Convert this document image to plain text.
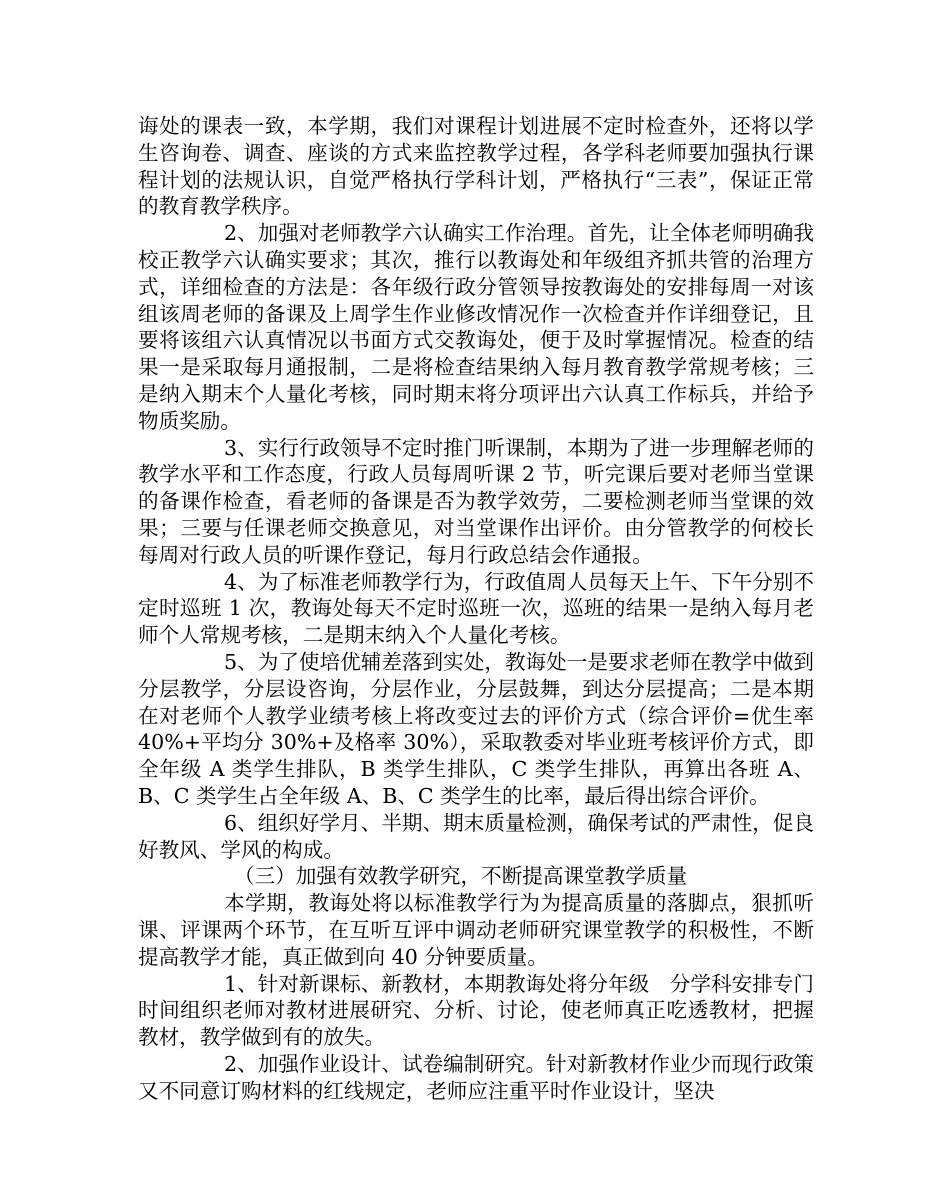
诲处的课表一致，本学期，我们对课程计划进展不定时检查外，还将以学生咨询卷、调查、座谈的方式来监控教学过程，各学科老师要加强执行课程计划的法规认识，自觉严格执行学科计划，严格执行“三表”，保证正常的教育教学秩序。

2、加强对老师教学六认确实工作治理。首先，让全体老师明确我校正教学六认确实要求；其次，推行以教诲处和年级组齐抓共管的治理方式，详细检查的方法是：各年级行政分管领导按教诲处的安排每周一对该组该周老师的备课及上周学生作业修改情况作一次检查并作详细登记，且要将该组六认真情况以书面方式交教诲处，便于及时掌握情况。检查的结果一是采取每月通报制，二是将检查结果纳入每月教育教学常规考核；三是纳入期末个人量化考核，同时期末将分项评出六认真工作标兵，并给予物质奖励。

3、实行行政领导不定时推门听课制，本期为了进一步理解老师的教学水平和工作态度，行政人员每周听课 2 节，听完课后要对老师当堂课的备课作检查，看老师的备课是否为教学效劳，二要检测老师当堂课的效果；三要与任课老师交换意见，对当堂课作出评价。由分管教学的何校长每周对行政人员的听课作登记，每月行政总结会作通报。

4、为了标准老师教学行为，行政值周人员每天上午、下午分别不定时巡班 1 次，教诲处每天不定时巡班一次，巡班的结果一是纳入每月老师个人常规考核，二是期末纳入个人量化考核。

5、为了使培优辅差落到实处，教诲处一是要求老师在教学中做到分层教学，分层设咨询，分层作业，分层鼓舞，到达分层提高；二是本期在对老师个人教学业绩考核上将改变过去的评价方式（综合评价=优生率 40%+平均分 30%+及格率 30%），采取教委对毕业班考核评价方式，即全年级 A 类学生排队，B 类学生排队，C 类学生排队，再算出各班 A、B、C 类学生占全年级 A、B、C 类学生的比率，最后得出综合评价。

6、组织好学月、半期、期末质量检测，确保考试的严肃性，促良好教风、学风的构成。

（三）加强有效教学研究，不断提高课堂教学质量

本学期，教诲处将以标准教学行为为提高质量的落脚点，狠抓听课、评课两个环节，在互听互评中调动老师研究课堂教学的积极性，不断提高教学才能，真正做到向 40 分钟要质量。

1、针对新课标、新教材，本期教诲处将分年级　分学科安排专门时间组织老师对教材进展研究、分析、讨论，使老师真正吃透教材，把握教材，教学做到有的放失。

2、加强作业设计、试卷编制研究。针对新教材作业少而现行政策又不同意订购材料的红线规定，老师应注重平时作业设计，坚决
